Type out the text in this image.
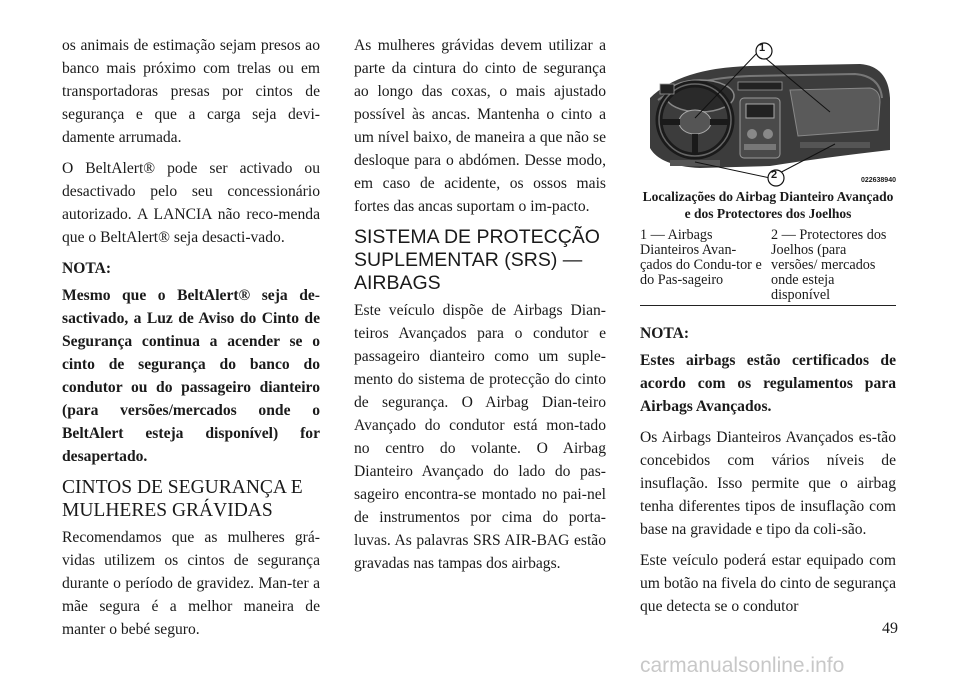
os animais de estimação sejam presos ao banco mais próximo com trelas ou em transportadoras presas por cintos de segurança e que a carga seja devi-damente arrumada.

O BeltAlert® pode ser activado ou desactivado pelo seu concessionário autorizado. A LANCIA não reco-menda que o BeltAlert® seja desacti-vado.

NOTA:

Mesmo que o BeltAlert® seja de-sactivado, a Luz de Aviso do Cinto de Segurança continua a acender se o cinto de segurança do banco do condutor ou do passageiro dianteiro (para versões/mercados onde o BeltAlert esteja disponível) for desapertado.

CINTOS DE SEGURANÇA E MULHERES GRÁVIDAS

Recomendamos que as mulheres grá-vidas utilizem os cintos de segurança durante o período de gravidez. Man-ter a mãe segura é a melhor maneira de manter o bebé seguro.

As mulheres grávidas devem utilizar a parte da cintura do cinto de segurança ao longo das coxas, o mais ajustado possível às ancas. Mantenha o cinto a um nível baixo, de maneira a que não se desloque para o abdómen. Desse modo, em caso de acidente, os ossos mais fortes das ancas suportam o im-pacto.

SISTEMA DE PROTECÇÃO SUPLEMENTAR (SRS) — AIRBAGS

Este veículo dispõe de Airbags Dian-teiros Avançados para o condutor e passageiro dianteiro como um suple-mento do sistema de protecção do cinto de segurança. O Airbag Dian-teiro Avançado do condutor está mon-tado no centro do volante. O Airbag Dianteiro Avançado do lado do pas-sageiro encontra-se montado no pai-nel de instrumentos por cima do porta-luvas. As palavras SRS AIR-BAG estão gravadas nas tampas dos airbags.

1
2	022638940

Localizações do Airbag Dianteiro Avançado e dos Protectores dos Joelhos

1 — Airbags Dianteiros Avan-çados do Condu-tor e do Pas-sageiro
2 — Protectores dos Joelhos (para versões/ mercados onde esteja disponível

NOTA:

Estes airbags estão certificados de acordo com os regulamentos para Airbags Avançados.

Os Airbags Dianteiros Avançados es-tão concebidos com vários níveis de insuflação. Isso permite que o airbag tenha diferentes tipos de insuflação com base na gravidade e tipo da coli-são.

Este veículo poderá estar equipado com um botão na fivela do cinto de segurança que detecta se o condutor

49
carmanualsonline.info
